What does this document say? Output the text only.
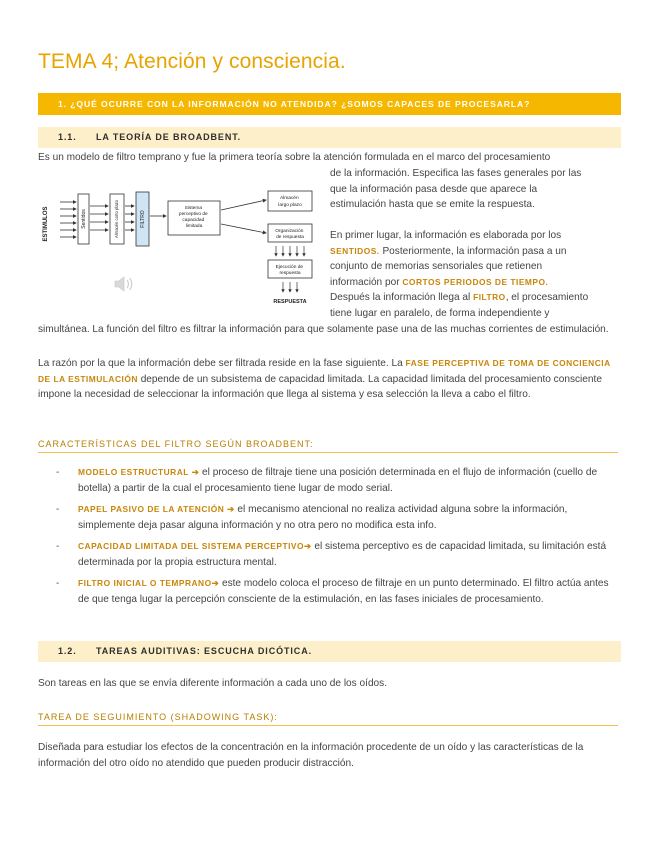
TEMA 4; Atención y consciencia.
1. ¿QUÉ OCURRE CON LA INFORMACIÓN NO ATENDIDA? ¿SOMOS CAPACES DE PROCESARLA?
1.1. LA TEORÍA DE BROADBENT.

Es un modelo de filtro temprano y fue la primera teoría sobre la atención formulada en el marco del procesamiento

de la información. Especifica las fases generales por las
que la información pasa desde que aparece la
estimulación hasta que se emite la respuesta.
En primer lugar, la información es elaborada por los
SENTIDOS. Posteriormente, la información pasa a un
conjunto de memorias sensoriales que retienen
información por CORTOS PERIODOS DE TIEMPO.
Después la información llega al FILTRO, el procesamiento
tiene lugar en paralelo, de forma independiente y
ESTIMULOS	Sentidos	Almacén corto plazo	FILTRO
Sistema perceptivo de capacidad limitada
Almacén largo plazo
Organización de respuesta
Ejecución de respuesta
RESPUESTA

simultánea. La función del filtro es filtrar la información para que solamente pase una de las muchas corrientes de estimulación.

La razón por la que la información debe ser filtrada reside en la fase siguiente. La FASE PERCEPTIVA DE TOMA DE CONCIENCIA DE LA ESTIMULACIÓN depende de un subsistema de capacidad limitada. La capacidad limitada del procesamiento consciente impone la necesidad de seleccionar la información que llega al sistema y esa selección la lleva a cabo el filtro.

CARACTERÍSTICAS DEL FILTRO SEGÚN BROADBENT:
- MODELO ESTRUCTURAL ➔ el proceso de filtraje tiene una posición determinada en el flujo de información (cuello de botella) a partir de la cual el procesamiento tiene lugar de modo serial.
- PAPEL PASIVO DE LA ATENCIÓN ➔ el mecanismo atencional no realiza actividad alguna sobre la información, simplemente deja pasar alguna información y no otra pero no modifica esta info.
- CAPACIDAD LIMITADA DEL SISTEMA PERCEPTIVO➔ el sistema perceptivo es de capacidad limitada, su limitación está determinada por la propia estructura mental.
- FILTRO INICIAL O TEMPRANO➔ este modelo coloca el proceso de filtraje en un punto determinado. El filtro actúa antes de que tenga lugar la percepción consciente de la estimulación, en las fases iniciales de procesamiento.
1.2. TAREAS AUDITIVAS: ESCUCHA DICÓTICA.

Son tareas en las que se envía diferente información a cada uno de los oídos.

TAREA DE SEGUIMIENTO (SHADOWING TASK):

Diseñada para estudiar los efectos de la concentración en la información procedente de un oído y las características de la información del otro oído no atendido que pueden producir distracción.
